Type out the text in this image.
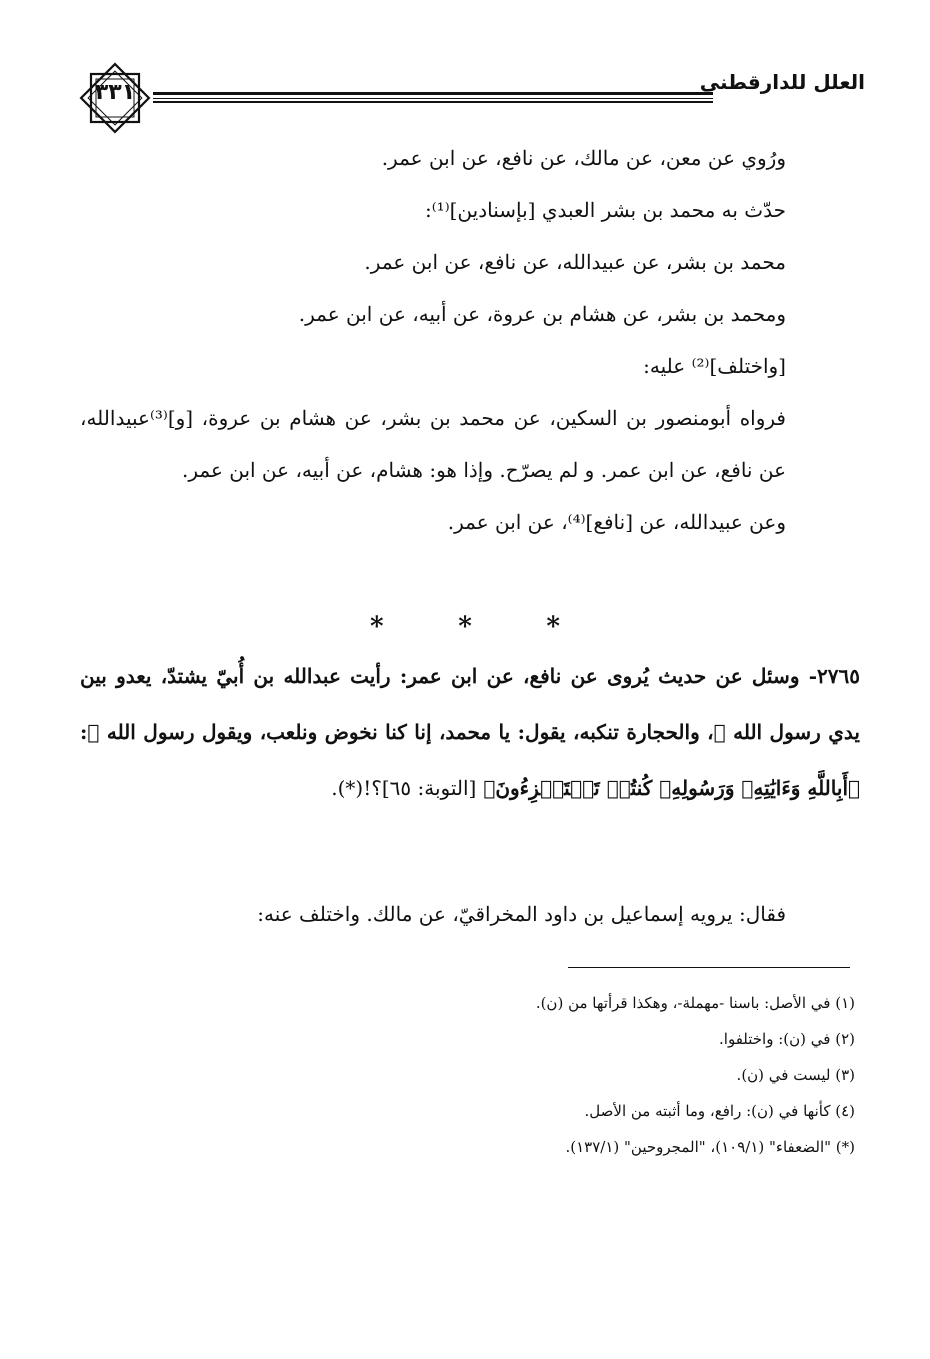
العلل للدارقطني
٣٣١
ورُوي عن معن، عن مالك، عن نافع، عن ابن عمر.
حدّث به محمد بن بشر العبدي [بإسنادين]⁽¹⁾:
محمد بن بشر، عن عبيدالله، عن نافع، عن ابن عمر.
ومحمد بن بشر، عن هشام بن عروة، عن أبيه، عن ابن عمر.
[واختلف]⁽²⁾ عليه:
فرواه أبومنصور بن السكين، عن محمد بن بشر، عن هشام بن عروة، [و]⁽³⁾عبيدالله، عن نافع، عن ابن عمر. و لم يصرّح. وإذا هو: هشام، عن أبيه، عن ابن عمر.
وعن عبيدالله، عن [نافع]⁽⁴⁾، عن ابن عمر.
*	*	*
٢٧٦٥- وسئل عن حديث يُروى عن نافع، عن ابن عمر: رأيت عبدالله بن أُبيّ يشتدّ، يعدو بين يدي رسول الله ﷺ، والحجارة تنكبه، يقول: يا محمد، إنا كنا نخوض ونلعب، ويقول رسول الله ﷺ: ﴿أَبِاللَّهِ وَءَايَٰتِهِۦ وَرَسُولِهِۦ كُنتُمۡ تَسۡتَهۡزِءُونَ﴾ [التوبة: ٦٥]؟!(*).
فقال: يرويه إسماعيل بن داود المخراقيّ، عن مالك. واختلف عنه:
(١) في الأصل: باسنا -مهملة-، وهكذا قرأتها من (ن).
(٢) في (ن): واختلفوا.
(٣) ليست في (ن).
(٤) كأنها في (ن): رافع، وما أثبته من الأصل.
(*) "الضعفاء" (١٠٩/١)، "المجروحين" (١٣٧/١).
